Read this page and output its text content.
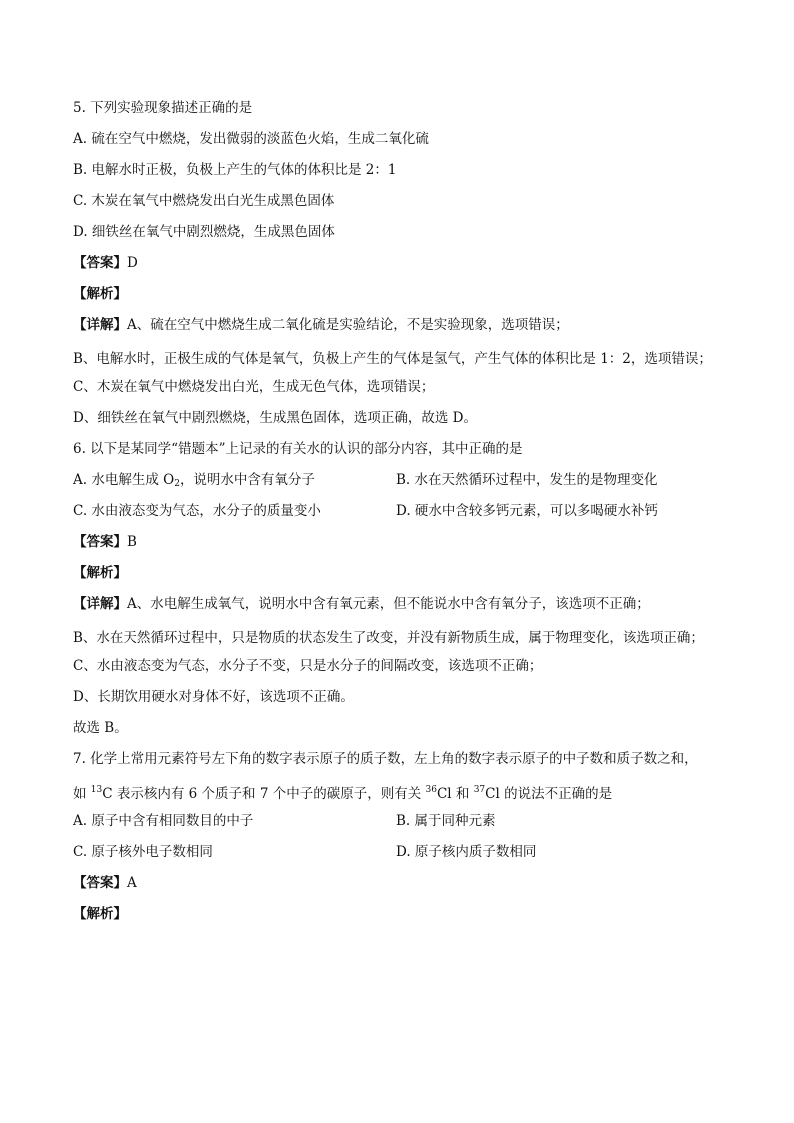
5. 下列实验现象描述正确的是
A. 硫在空气中燃烧，发出微弱的淡蓝色火焰，生成二氧化硫
B. 电解水时正极，负极上产生的气体的体积比是 2：1
C. 木炭在氧气中燃烧发出白光生成黑色固体
D. 细铁丝在氧气中剧烈燃烧，生成黑色固体
【答案】D
【解析】
【详解】A、硫在空气中燃烧生成二氧化硫是实验结论，不是实验现象，选项错误；
B、电解水时，正极生成的气体是氧气，负极上产生的气体是氢气，产生气体的体积比是 1：2，选项错误；
C、木炭在氧气中燃烧发出白光，生成无色气体，选项错误；
D、细铁丝在氧气中剧烈燃烧，生成黑色固体，选项正确，故选 D。
6. 以下是某同学“错题本”上记录的有关水的认识的部分内容，其中正确的是
A. 水电解生成 $O_2$，说明水中含有氧分子	B. 水在天然循环过程中，发生的是物理变化
C. 水由液态变为气态，水分子的质量变小	D. 硬水中含较多钙元素，可以多喝硬水补钙
【答案】B
【解析】
【详解】A、水电解生成氧气，说明水中含有氧元素，但不能说水中含有氧分子，该选项不正确；
B、水在天然循环过程中，只是物质的状态发生了改变，并没有新物质生成，属于物理变化，该选项正确；
C、水由液态变为气态，水分子不变，只是水分子的间隔改变，该选项不正确；
D、长期饮用硬水对身体不好，该选项不正确。
故选 B。
7. 化学上常用元素符号左下角的数字表示原子的质子数，左上角的数字表示原子的中子数和质子数之和，
如 $^{13}$C 表示核内有 6 个质子和 7 个中子的碳原子，则有关 $^{36}$Cl 和 $^{37}$Cl 的说法不正确的是
A. 原子中含有相同数目的中子	B. 属于同种元素
C. 原子核外电子数相同	D. 原子核内质子数相同
【答案】A
【解析】
